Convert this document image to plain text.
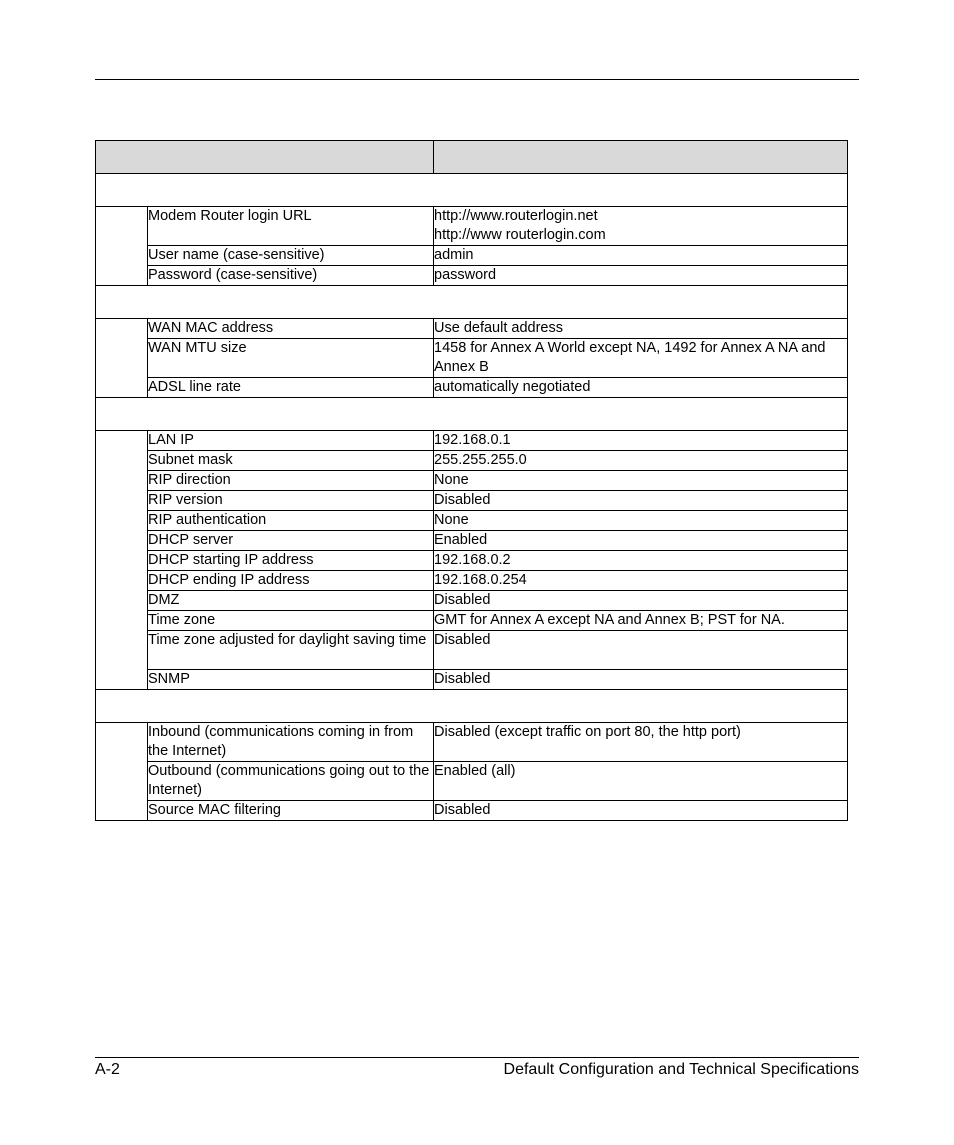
	Modem Router login URL	http://www.routerlogin.net
http://www routerlogin.com
	User name (case-sensitive)	admin
	Password (case-sensitive)	password

	WAN MAC address	Use default address
	WAN MTU size	1458 for Annex A World except NA, 1492 for Annex A NA and Annex B
	ADSL line rate	automatically negotiated

	LAN IP	192.168.0.1
	Subnet mask	255.255.255.0
	RIP direction	None
	RIP version	Disabled
	RIP authentication	None
	DHCP server	Enabled
	DHCP starting IP address	192.168.0.2
	DHCP ending IP address	192.168.0.254
	DMZ	Disabled
	Time zone	GMT for Annex A except NA and Annex B; PST for NA.
	Time zone adjusted for daylight saving time	Disabled
	SNMP	Disabled

	Inbound (communications coming in from the Internet)	Disabled (except traffic on port 80, the http port)
	Outbound (communications going out to the Internet)	Enabled (all)
	Source MAC filtering	Disabled
A-2	Default Configuration and Technical Specifications
